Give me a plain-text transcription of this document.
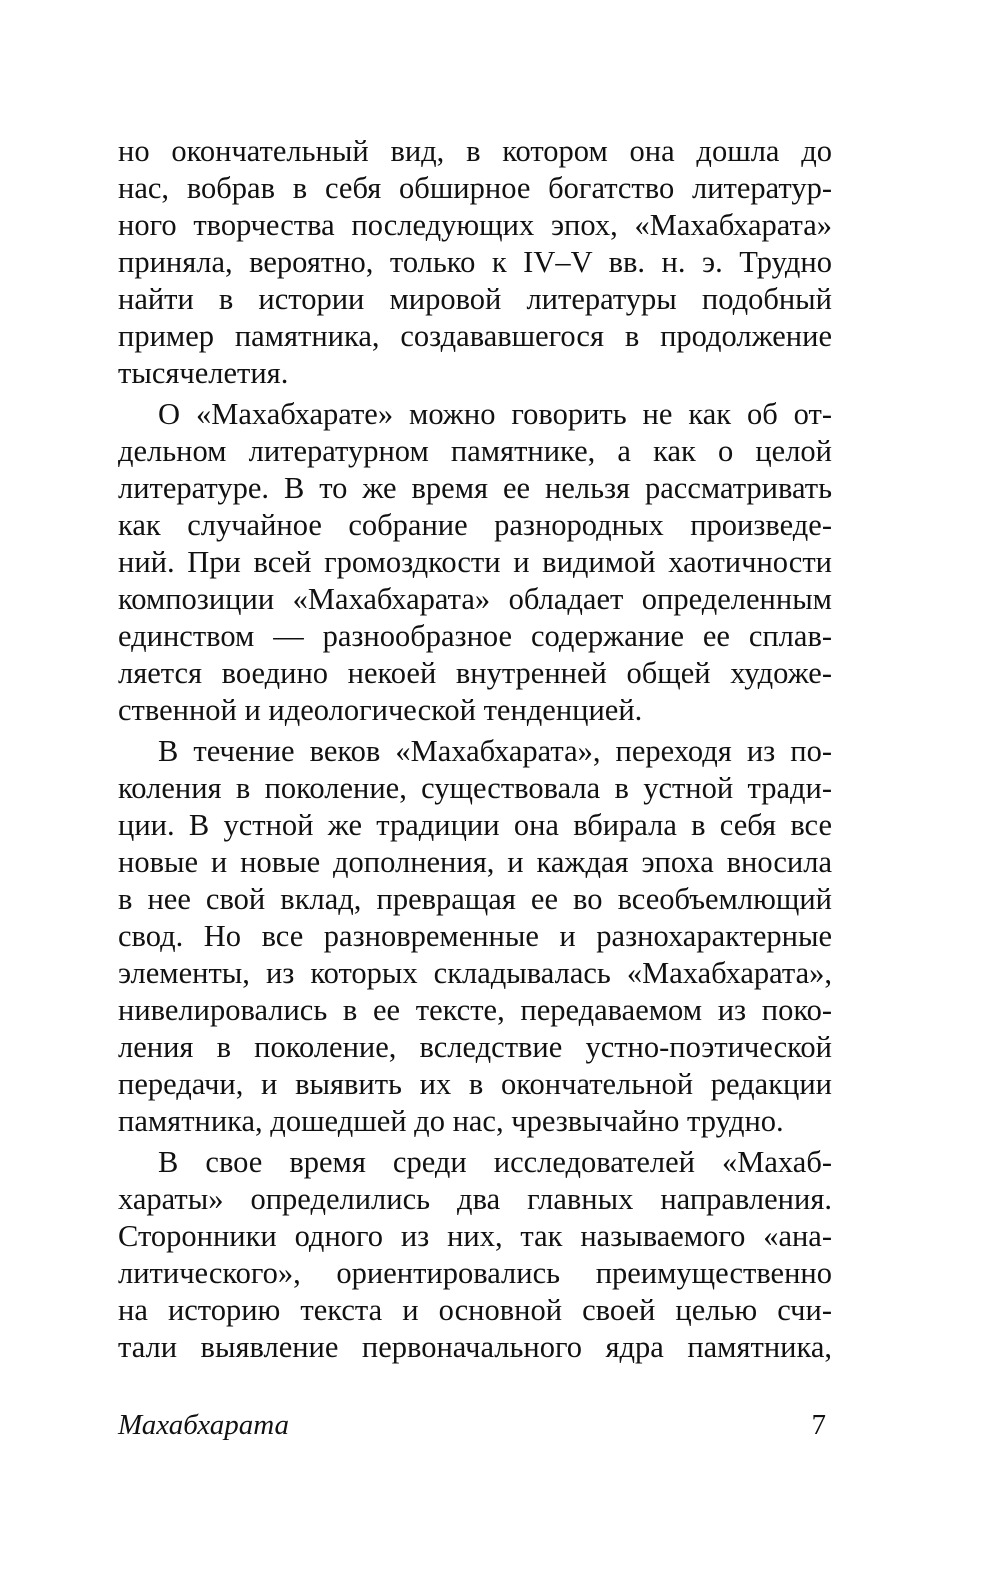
но окончательный вид, в котором она дошла до
нас, вобрав в себя обширное богатство литератур-
ного творчества последующих эпох, «Махабхарата»
приняла, вероятно, только к IV–V вв. н. э. Трудно
найти в истории мировой литературы подобный
пример памятника, создававшегося в продолжение
тысячелетия.
О «Махабхарате» можно говорить не как об от-
дельном литературном памятнике, а как о целой
литературе. В то же время ее нельзя рассматривать
как случайное собрание разнородных произведе-
ний. При всей громоздкости и видимой хаотичности
композиции «Махабхарата» обладает определенным
единством — разнообразное содержание ее сплав-
ляется воедино некоей внутренней общей художе-
ственной и идеологической тенденцией.
В течение веков «Махабхарата», переходя из по-
коления в поколение, существовала в устной тради-
ции. В устной же традиции она вбирала в себя все
новые и новые дополнения, и каждая эпоха вносила
в нее свой вклад, превращая ее во всеобъемлющий
свод. Но все разновременные и разнохарактерные
элементы, из которых складывалась «Махабхарата»,
нивелировались в ее тексте, передаваемом из поко-
ления в поколение, вследствие устно-поэтической
передачи, и выявить их в окончательной редакции
памятника, дошедшей до нас, чрезвычайно трудно.
В свое время среди исследователей «Махаб-
хараты» определились два главных направления.
Сторонники одного из них, так называемого «ана-
литического», ориентировались преимущественно
на историю текста и основной своей целью счи-
тали выявление первоначального ядра памятника,
Махабхарата	7
